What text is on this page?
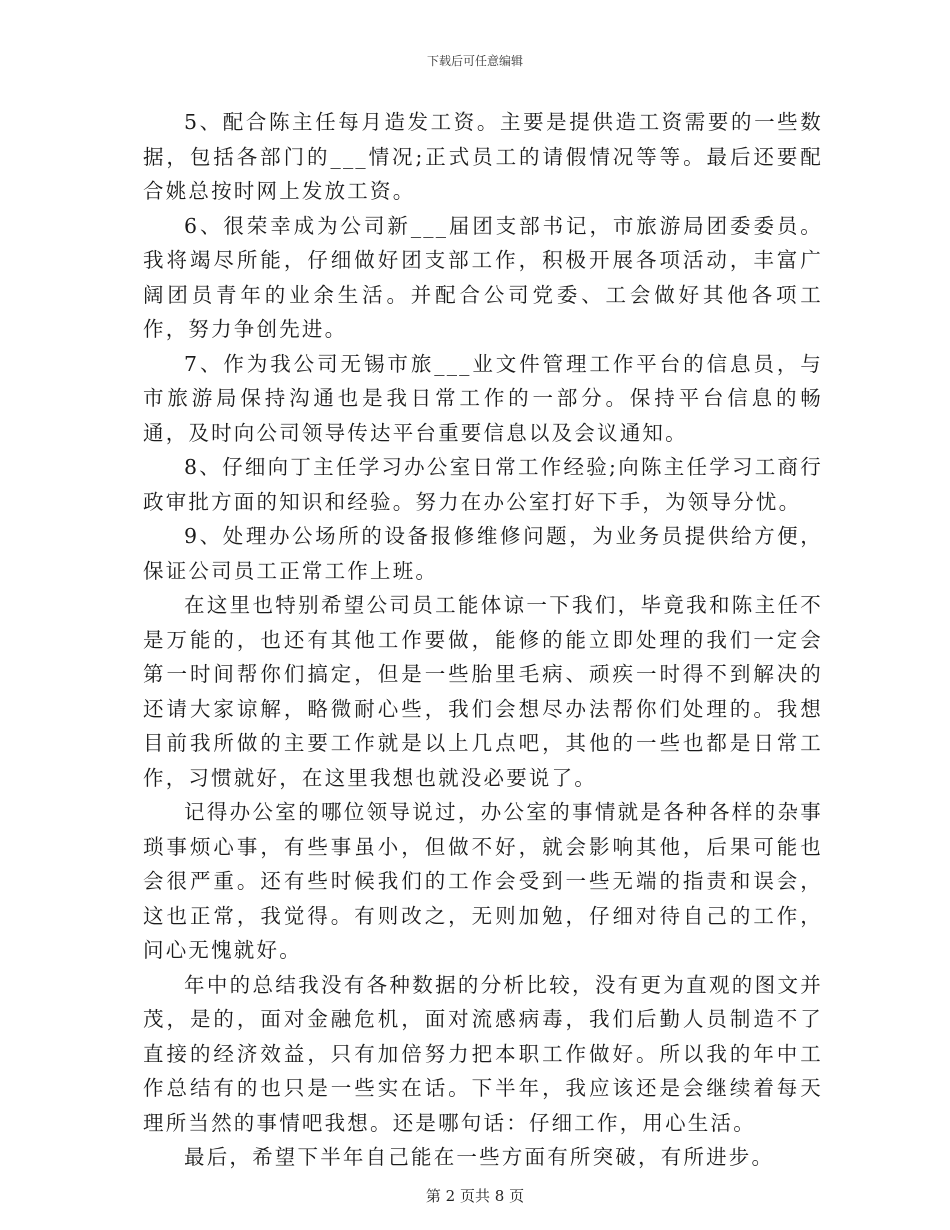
下载后可任意编辑

5、配合陈主任每月造发工资。主要是提供造工资需要的一些数据，包括各部门的___情况;正式员工的请假情况等等。最后还要配合姚总按时网上发放工资。

6、很荣幸成为公司新___届团支部书记，市旅游局团委委员。我将竭尽所能，仔细做好团支部工作，积极开展各项活动，丰富广阔团员青年的业余生活。并配合公司党委、工会做好其他各项工作，努力争创先进。

7、作为我公司无锡市旅___业文件管理工作平台的信息员，与市旅游局保持沟通也是我日常工作的一部分。保持平台信息的畅通，及时向公司领导传达平台重要信息以及会议通知。

8、仔细向丁主任学习办公室日常工作经验;向陈主任学习工商行政审批方面的知识和经验。努力在办公室打好下手，为领导分忧。

9、处理办公场所的设备报修维修问题，为业务员提供给方便，保证公司员工正常工作上班。

在这里也特别希望公司员工能体谅一下我们，毕竟我和陈主任不是万能的，也还有其他工作要做，能修的能立即处理的我们一定会第一时间帮你们搞定，但是一些胎里毛病、顽疾一时得不到解决的还请大家谅解，略微耐心些，我们会想尽办法帮你们处理的。我想目前我所做的主要工作就是以上几点吧，其他的一些也都是日常工作，习惯就好，在这里我想也就没必要说了。

记得办公室的哪位领导说过，办公室的事情就是各种各样的杂事琐事烦心事，有些事虽小，但做不好，就会影响其他，后果可能也会很严重。还有些时候我们的工作会受到一些无端的指责和误会，这也正常，我觉得。有则改之，无则加勉，仔细对待自己的工作，问心无愧就好。

年中的总结我没有各种数据的分析比较，没有更为直观的图文并茂，是的，面对金融危机，面对流感病毒，我们后勤人员制造不了直接的经济效益，只有加倍努力把本职工作做好。所以我的年中工作总结有的也只是一些实在话。下半年，我应该还是会继续着每天理所当然的事情吧我想。还是哪句话：仔细工作，用心生活。

最后，希望下半年自己能在一些方面有所突破，有所进步。

第 2 页共 8 页
